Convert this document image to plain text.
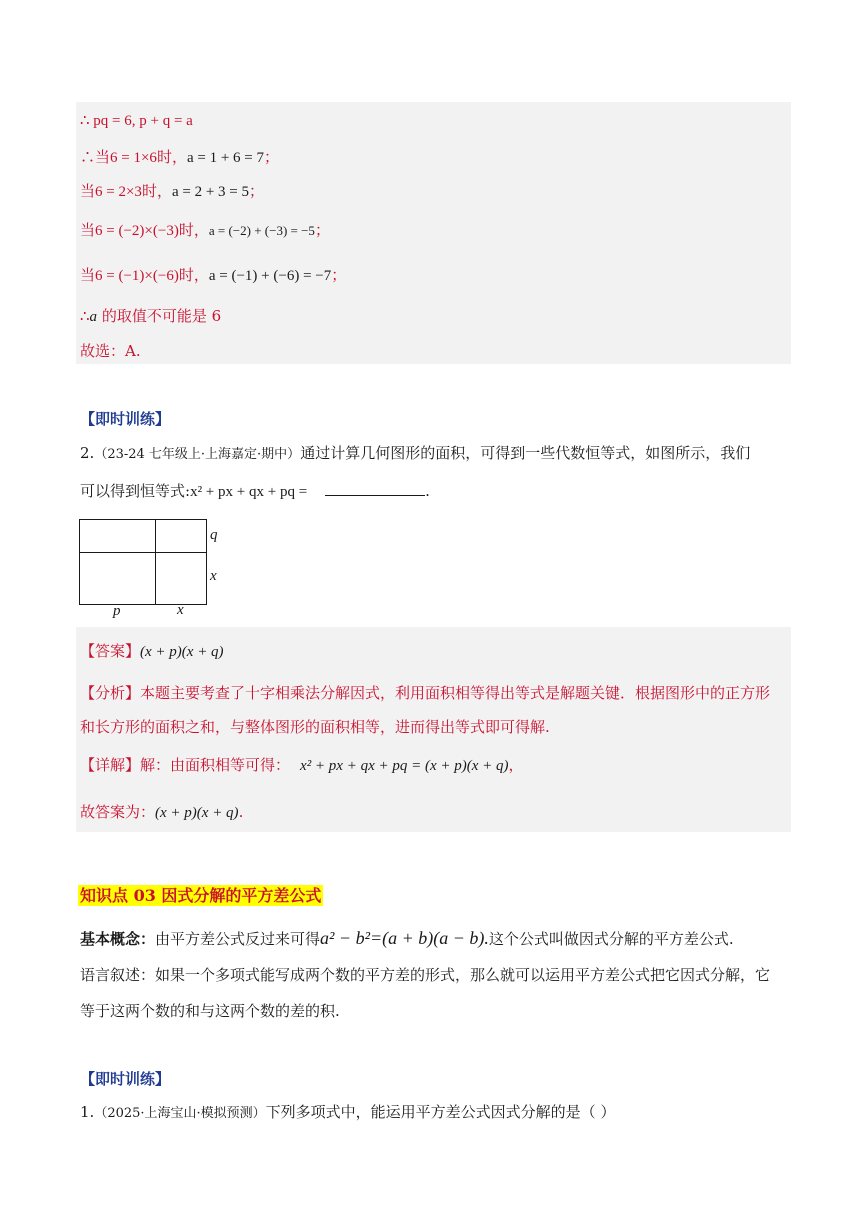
∴ pq = 6, p + q = a
∴当6 = 1×6时，a = 1 + 6 = 7；
当6 = 2×3时，a = 2 + 3 = 5；
当6 = (−2)×(−3)时，a = (−2) + (−3) = −5；
当6 = (−1)×(−6)时，a = (−1) + (−6) = −7；
∴a 的取值不可能是 6
故选：A.
【即时训练】
2.（23-24 七年级上·上海嘉定·期中）通过计算几何图形的面积，可得到一些代数恒等式，如图所示，我们
可以得到恒等式:x² + px + qx + pq =	.
q
x
p	x
【答案】(x + p)(x + q)
【分析】本题主要考查了十字相乘法分解因式，利用面积相等得出等式是解题关键．根据图形中的正方形
和长方形的面积之和，与整体图形的面积相等，进而得出等式即可得解.
【详解】解：由面积相等可得： x² + px + qx + pq = (x + p)(x + q)，
故答案为：(x + p)(x + q).
知识点 03 因式分解的平方差公式
基本概念：由平方差公式反过来可得a² − b²=(a + b)(a − b).这个公式叫做因式分解的平方差公式.
语言叙述：如果一个多项式能写成两个数的平方差的形式，那么就可以运用平方差公式把它因式分解，它
等于这两个数的和与这两个数的差的积.
【即时训练】
1.（2025·上海宝山·模拟预测）下列多项式中，能运用平方差公式因式分解的是（ ）
